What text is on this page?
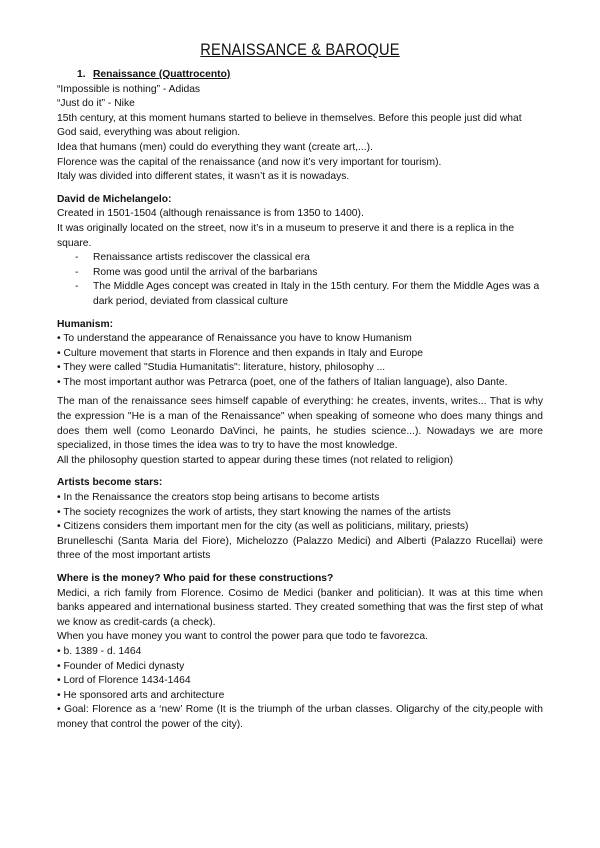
RENAISSANCE & BAROQUE
1. Renaissance (Quattrocento)

“Impossible is nothing” - Adidas

“Just do it” - Nike

15th century, at this moment humans started to believe in themselves. Before this people just did what God said, everything was about religion.

Idea that humans (men) could do everything they want (create art,...).

Florence was the capital of the renaissance (and now it’s very important for tourism).

Italy was divided into different states, it wasn’t as it is nowadays.

David de Michelangelo:

Created in 1501-1504 (although renaissance is from 1350 to 1400).

It was originally located on the street, now it’s in a museum to preserve it and there is a replica in the square.

- Renaissance artists rediscover the classical era
- Rome was good until the arrival of the barbarians
- The Middle Ages concept was created in Italy in the 15th century. For them the Middle Ages was a dark period, deviated from classical culture
Humanism:

• To understand the appearance of Renaissance you have to know Humanism

• Culture movement that starts in Florence and then expands in Italy and Europe

• They were called "Studia Humanitatis": literature, history, philosophy ...

• The most important author was Petrarca (poet, one of the fathers of Italian language), also Dante.

The man of the renaissance sees himself capable of everything: he creates, invents, writes... That is why the expression "He is a man of the Renaissance" when speaking of someone who does many things and does them well (como Leonardo DaVinci, he paints, he studies science...). Nowadays we are more specialized, in those times the idea was to try to have the most knowledge.

All the philosophy question started to appear during these times (not related to religion)

Artists become stars:

• In the Renaissance the creators stop being artisans to become artists

• The society recognizes the work of artists, they start knowing the names of the artists

• Citizens considers them important men for the city (as well as politicians, military, priests)

Brunelleschi (Santa Maria del Fiore), Michelozzo (Palazzo Medici) and Alberti (Palazzo Rucellai) were three of the most important artists

Where is the money? Who paid for these constructions?

Medici, a rich family from Florence. Cosimo de Medici (banker and politician). It was at this time when banks appeared and international business started. They created something that was the first step of what we know as credit-cards (a check).

When you have money you want to control the power para que todo te favorezca.

• b. 1389 - d. 1464

• Founder of Medici dynasty

• Lord of Florence 1434-1464

• He sponsored arts and architecture

• Goal: Florence as a ‘new’ Rome (It is the triumph of the urban classes. Oligarchy of the city,people with money that control the power of the city).
